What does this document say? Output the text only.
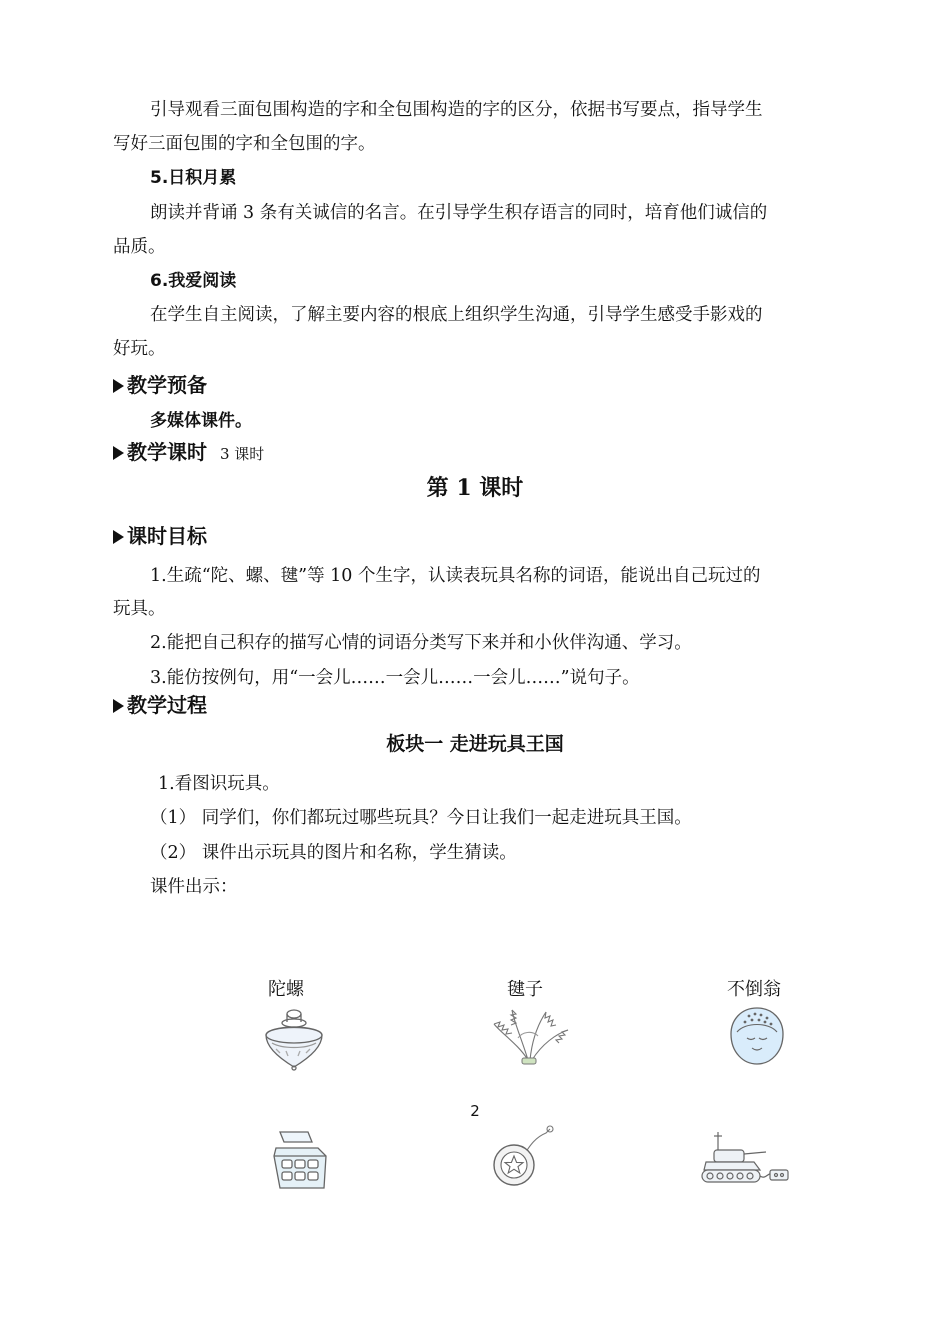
引导观看三面包围构造的字和全包围构造的字的区分，依据书写要点，指导学生
写好三面包围的字和全包围的字。
5.日积月累
朗读并背诵 3 条有关诚信的名言。在引导学生积存语言的同时，培育他们诚信的
品质。
6.我爱阅读
在学生自主阅读，了解主要内容的根底上组织学生沟通，引导学生感受手影戏的
好玩。
教学预备
多媒体课件。
教学课时 3 课时
第 1 课时
课时目标
1.生疏“陀、螺、毽”等 10 个生字，认读表玩具名称的词语，能说出自己玩过的
玩具。
2.能把自己积存的描写心情的词语分类写下来并和小伙伴沟通、学习。
3.能仿按例句，用“一会儿……一会儿……一会儿……”说句子。
教学过程
板块一 走进玩具王国
1.看图识玩具。
（1） 同学们，你们都玩过哪些玩具？今日让我们一起走进玩具王国。
（2） 课件出示玩具的图片和名称，学生猜读。
课件出示：
陀螺	毽子	不倒翁
2
